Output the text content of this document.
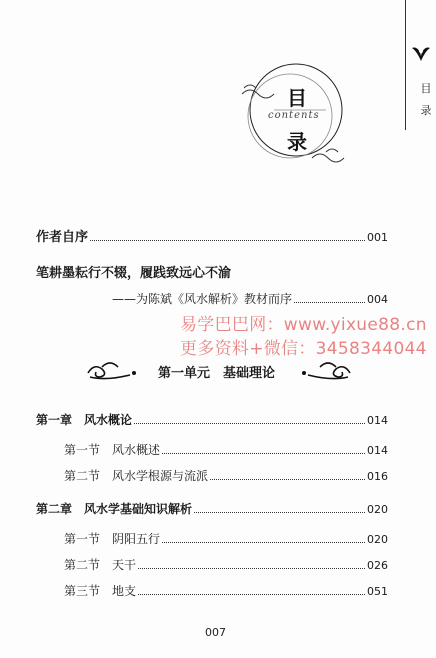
目
录
目
contents
录
作者自序	001
笔耕墨耘行不辍，履践致远心不渝
——为陈斌《风水解析》教材而序	004
第一单元　基础理论
第一章　风水概论	014
第一节　风水概述	014
第二节　风水学根源与流派	016
第二章　风水学基础知识解析	020
第一节　阴阳五行	020
第二节　天干	026
第三节　地支	051
易学巴巴网：www.yixue88.cn
更多资料+微信：3458344044
007
